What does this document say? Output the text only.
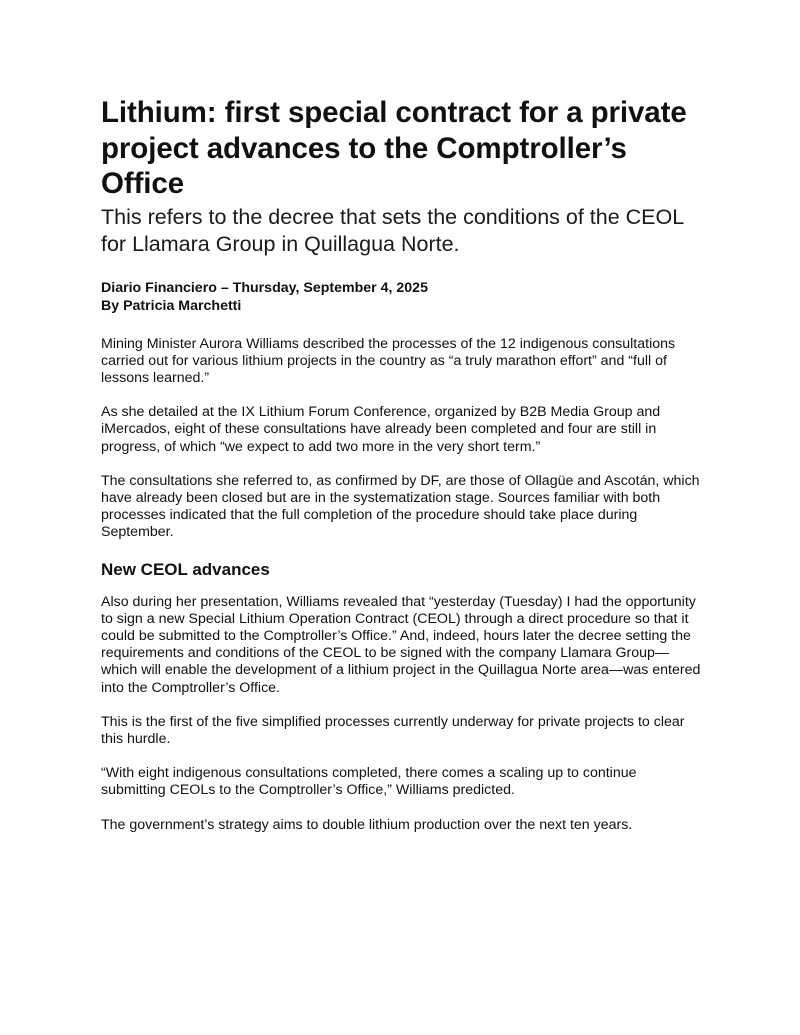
Lithium: first special contract for a private project advances to the Comptroller’s Office
This refers to the decree that sets the conditions of the CEOL for Llamara Group in Quillagua Norte.
Diario Financiero – Thursday, September 4, 2025
By Patricia Marchetti

Mining Minister Aurora Williams described the processes of the 12 indigenous consultations carried out for various lithium projects in the country as “a truly marathon effort” and “full of lessons learned.”

As she detailed at the IX Lithium Forum Conference, organized by B2B Media Group and iMercados, eight of these consultations have already been completed and four are still in progress, of which “we expect to add two more in the very short term.”

The consultations she referred to, as confirmed by DF, are those of Ollagüe and Ascotán, which have already been closed but are in the systematization stage. Sources familiar with both processes indicated that the full completion of the procedure should take place during September.

New CEOL advances

Also during her presentation, Williams revealed that “yesterday (Tuesday) I had the opportunity to sign a new Special Lithium Operation Contract (CEOL) through a direct procedure so that it could be submitted to the Comptroller’s Office.” And, indeed, hours later the decree setting the requirements and conditions of the CEOL to be signed with the company Llamara Group—which will enable the development of a lithium project in the Quillagua Norte area—was entered into the Comptroller’s Office.

This is the first of the five simplified processes currently underway for private projects to clear this hurdle.

“With eight indigenous consultations completed, there comes a scaling up to continue submitting CEOLs to the Comptroller’s Office,” Williams predicted.

The government’s strategy aims to double lithium production over the next ten years.
